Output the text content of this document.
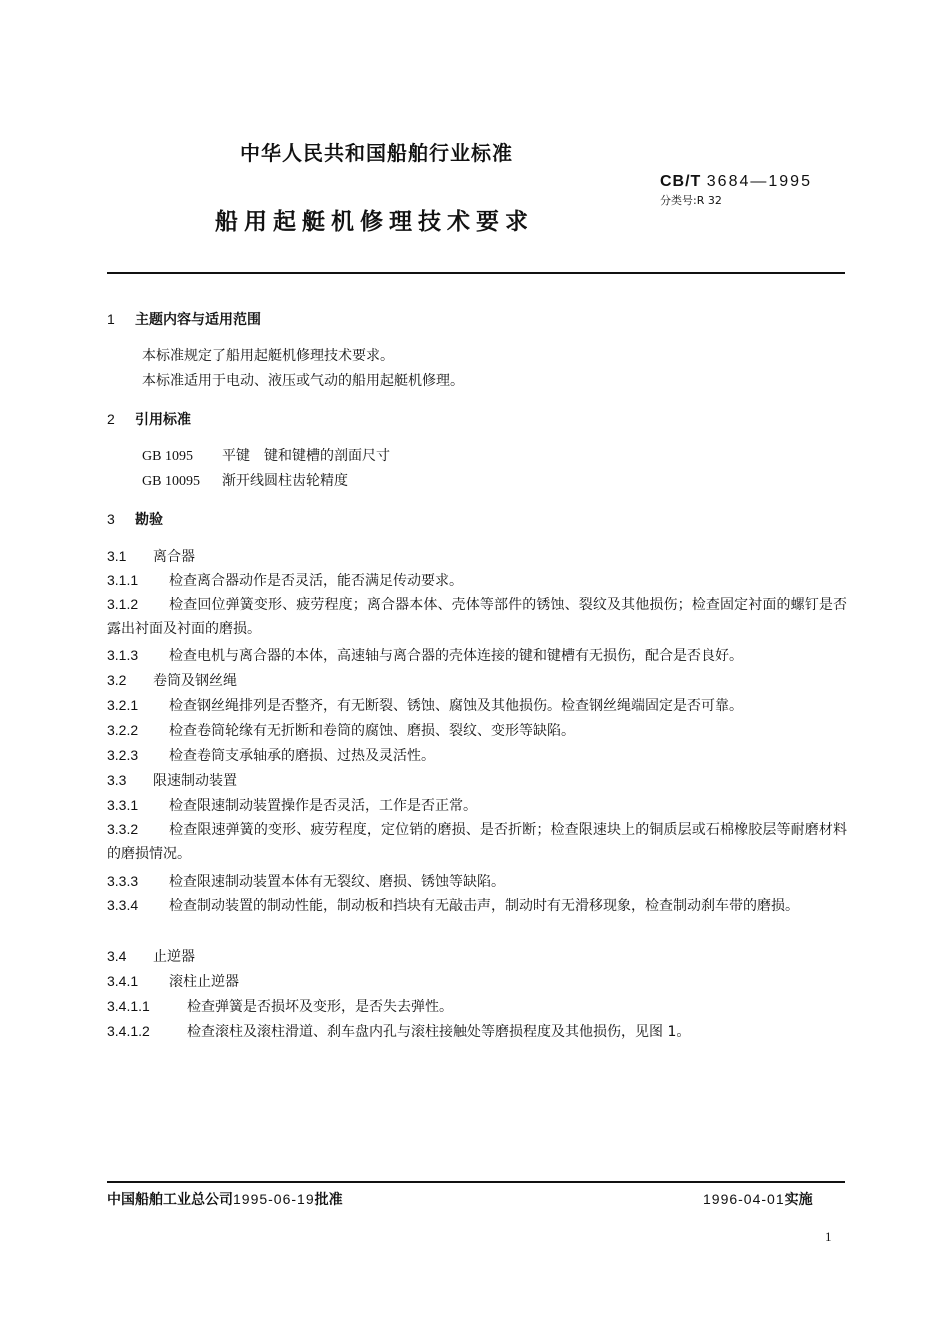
中华人民共和国船舶行业标准
CB/T 3684—1995
分类号:R 32
船用起艇机修理技术要求
1 主题内容与适用范围
本标准规定了船用起艇机修理技术要求。
本标准适用于电动、液压或气动的船用起艇机修理。
2 引用标准
GB 1095 平键　键和键槽的剖面尺寸
GB 10095 渐开线圆柱齿轮精度
3 勘验
3.1 离合器
3.1.1 检查离合器动作是否灵活，能否满足传动要求。
3.1.2 检查回位弹簧变形、疲劳程度；离合器本体、壳体等部件的锈蚀、裂纹及其他损伤；检查固定衬面的螺钉是否露出衬面及衬面的磨损。
3.1.3 检查电机与离合器的本体，高速轴与离合器的壳体连接的键和键槽有无损伤，配合是否良好。
3.2 卷筒及钢丝绳
3.2.1 检查钢丝绳排列是否整齐，有无断裂、锈蚀、腐蚀及其他损伤。检查钢丝绳端固定是否可靠。
3.2.2 检查卷筒轮缘有无折断和卷筒的腐蚀、磨损、裂纹、变形等缺陷。
3.2.3 检查卷筒支承轴承的磨损、过热及灵活性。
3.3 限速制动装置
3.3.1 检查限速制动装置操作是否灵活，工作是否正常。
3.3.2 检查限速弹簧的变形、疲劳程度，定位销的磨损、是否折断；检查限速块上的铜质层或石棉橡胶层等耐磨材料的磨损情况。
3.3.3 检查限速制动装置本体有无裂纹、磨损、锈蚀等缺陷。
3.3.4 检查制动装置的制动性能，制动板和挡块有无敲击声，制动时有无滑移现象，检查制动刹车带的磨损。
3.4 止逆器
3.4.1 滚柱止逆器
3.4.1.1	检查弹簧是否损坏及变形，是否失去弹性。
3.4.1.2	检查滚柱及滚柱滑道、刹车盘内孔与滚柱接触处等磨损程度及其他损伤，见图 1。
中国船舶工业总公司1995-06-19批准	1996-04-01实施
1
